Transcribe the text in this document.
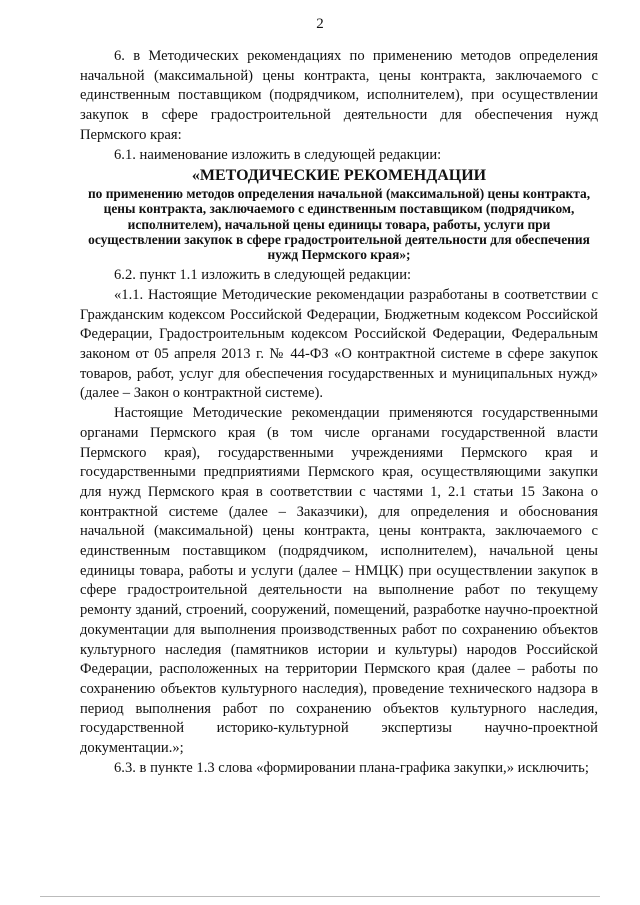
2

6. в Методических рекомендациях по применению методов определения начальной (максимальной) цены контракта, цены контракта, заключаемого с единственным поставщиком (подрядчиком, исполнителем), при осуществлении закупок в сфере градостроительной деятельности для обеспечения нужд Пермского края:

6.1. наименование изложить в следующей редакции:

«МЕТОДИЧЕСКИЕ РЕКОМЕНДАЦИИ

по применению методов определения начальной (максимальной) цены контракта, цены контракта, заключаемого с единственным поставщиком (подрядчиком, исполнителем), начальной цены единицы товара, работы, услуги при осуществлении закупок в сфере градостроительной деятельности для обеспечения нужд Пермского края»;

6.2. пункт 1.1 изложить в следующей редакции:

«1.1. Настоящие Методические рекомендации разработаны в соответствии с Гражданским кодексом Российской Федерации, Бюджетным кодексом Российской Федерации, Градостроительным кодексом Российской Федерации, Федеральным законом от 05 апреля 2013 г. № 44-ФЗ «О контрактной системе в сфере закупок товаров, работ, услуг для обеспечения государственных и муниципальных нужд» (далее – Закон о контрактной системе).

Настоящие Методические рекомендации применяются государственными органами Пермского края (в том числе органами государственной власти Пермского края), государственными учреждениями Пермского края и государственными предприятиями Пермского края, осуществляющими закупки для нужд Пермского края в соответствии с частями 1, 2.1 статьи 15 Закона о контрактной системе (далее – Заказчики), для определения и обоснования начальной (максимальной) цены контракта, цены контракта, заключаемого с единственным поставщиком (подрядчиком, исполнителем), начальной цены единицы товара, работы и услуги (далее – НМЦК) при осуществлении закупок в сфере градостроительной деятельности на выполнение работ по текущему ремонту зданий, строений, сооружений, помещений, разработке научно-проектной документации для выполнения производственных работ по сохранению объектов культурного наследия (памятников истории и культуры) народов Российской Федерации, расположенных на территории Пермского края (далее – работы по сохранению объектов культурного наследия), проведение технического надзора в период выполнения работ по сохранению объектов культурного наследия, государственной историко-культурной экспертизы научно-проектной документации.»;

6.3. в пункте 1.3 слова «формировании плана-графика закупки,» исключить;
